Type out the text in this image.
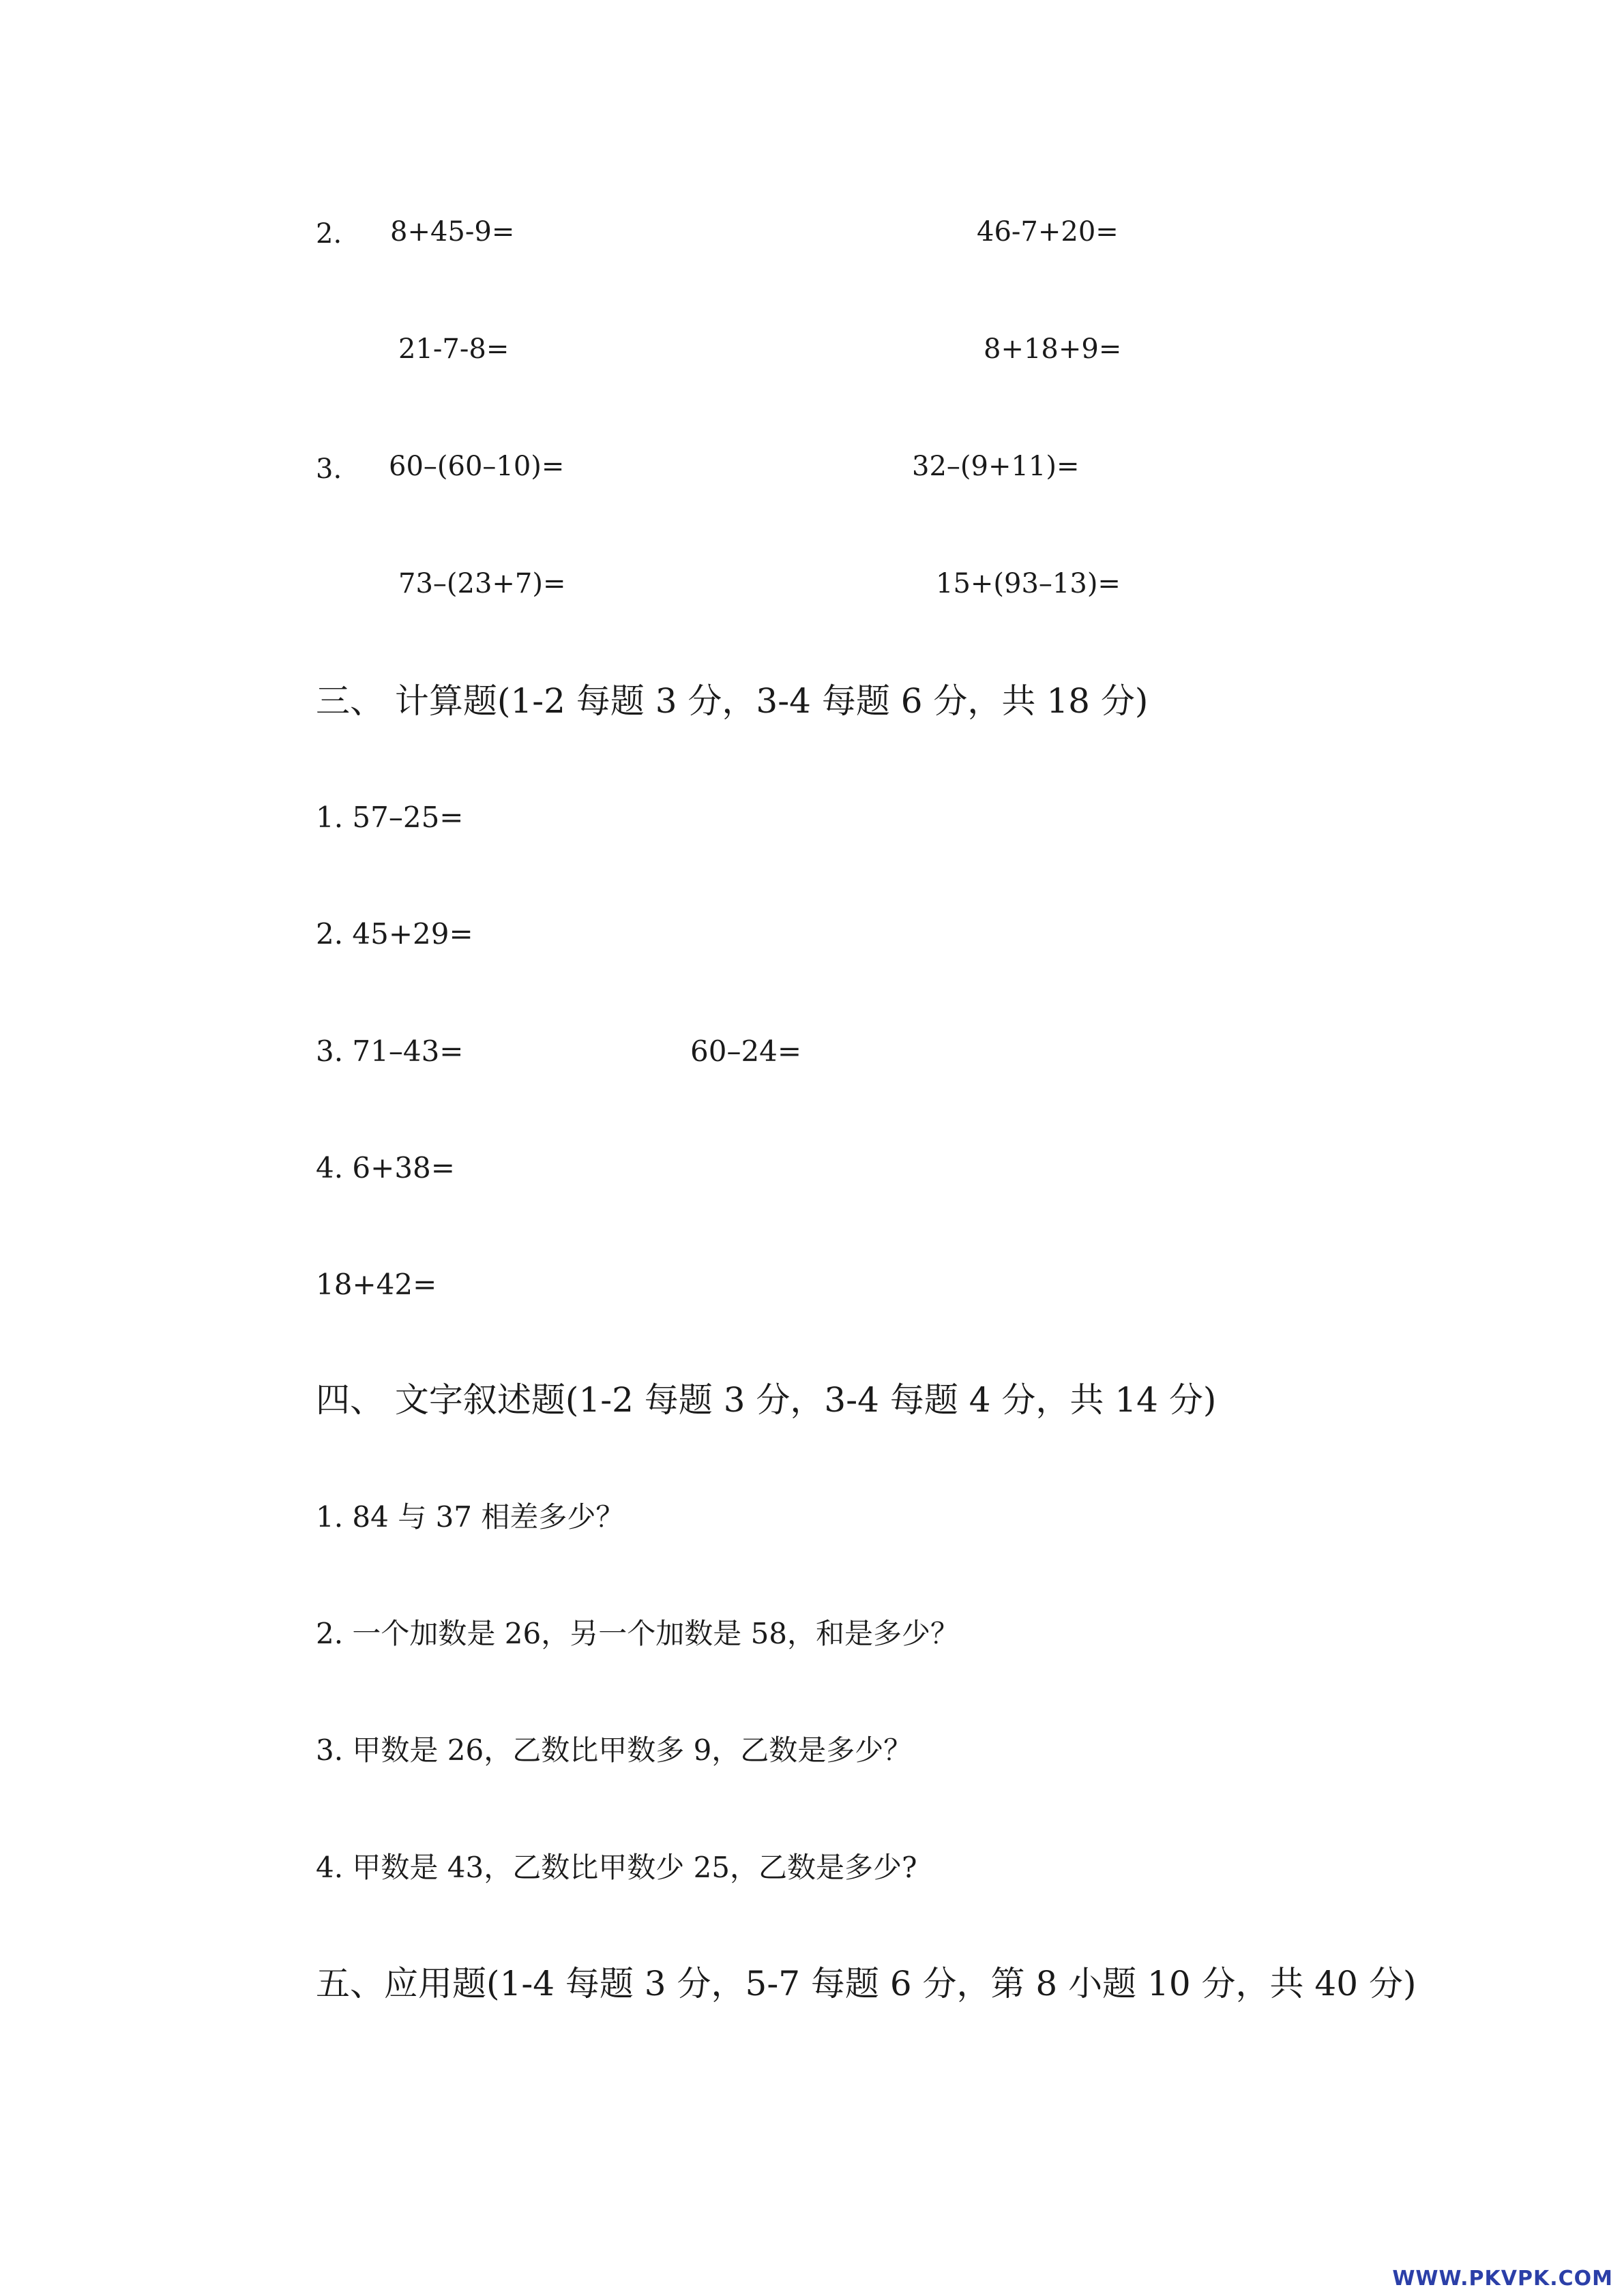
2. 8+45-9=	46-7+20=
21-7-8=	8+18+9=
3. 60–(60–10)=	32–(9+11)=
73–(23+7)=	15+(93–13)=
三、 计算题(1-2 每题 3 分，3-4 每题 6 分，共 18 分)
1. 57–25=
2. 45+29=
3. 71–43=	60–24=
4. 6+38=
18+42=
四、 文字叙述题(1-2 每题 3 分，3-4 每题 4 分，共 14 分)
1. 84 与 37 相差多少？
2. 一个加数是 26，另一个加数是 58，和是多少？
3. 甲数是 26，乙数比甲数多 9，乙数是多少？
4. 甲数是 43，乙数比甲数少 25，乙数是多少?
五、应用题(1-4 每题 3 分，5-7 每题 6 分，第 8 小题 10 分，共 40 分)
WWW.PKVPK.COM
